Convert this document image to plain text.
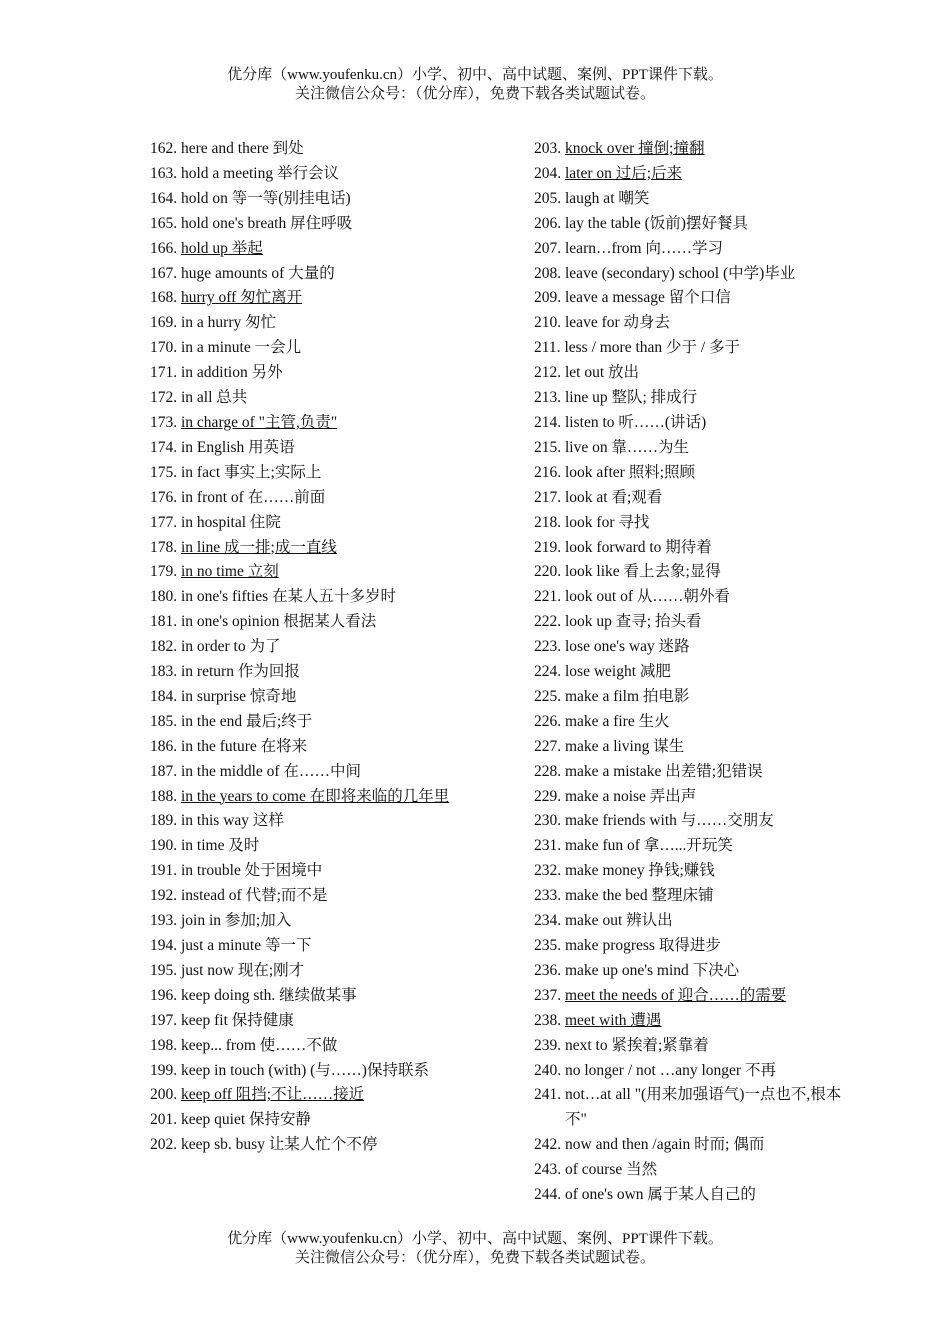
优分库（www.youfenku.cn）小学、初中、高中试题、案例、PPT课件下载。
关注微信公众号：（优分库），免费下载各类试题试卷。
162. here and there 到处
163. hold a meeting 举行会议
164. hold on 等一等(别挂电话)
165. hold one's breath 屏住呼吸
166. hold up 举起
167. huge amounts of 大量的
168. hurry off 匆忙离开
169. in a hurry 匆忙
170. in a minute 一会儿
171. in addition 另外
172. in all 总共
173. in charge of "主管,负责"
174. in English 用英语
175. in fact 事实上;实际上
176. in front of 在……前面
177. in hospital 住院
178. in line 成一排;成一直线
179. in no time 立刻
180. in one's fifties 在某人五十多岁时
181. in one's opinion 根据某人看法
182. in order to 为了
183. in return 作为回报
184. in surprise 惊奇地
185. in the end 最后;终于
186. in the future 在将来
187. in the middle of 在……中间
188. in the years to come 在即将来临的几年里
189. in this way 这样
190. in time 及时
191. in trouble 处于困境中
192. instead of 代替;而不是
193. join in 参加;加入
194. just a minute 等一下
195. just now 现在;刚才
196. keep doing sth. 继续做某事
197. keep fit 保持健康
198. keep... from 使……不做
199. keep in touch (with) (与……)保持联系
200. keep off 阻挡;不让……接近
201. keep quiet 保持安静
202. keep sb. busy 让某人忙个不停
203. knock over 撞倒;撞翻
204. later on 过后;后来
205. laugh at 嘲笑
206. lay the table (饭前)摆好餐具
207. learn…from 向……学习
208. leave (secondary) school (中学)毕业
209. leave a message 留个口信
210. leave for 动身去
211. less / more than 少于 / 多于
212. let out 放出
213. line up 整队; 排成行
214. listen to 听……(讲话)
215. live on 靠……为生
216. look after 照料;照顾
217. look at 看;观看
218. look for 寻找
219. look forward to 期待着
220. look like 看上去象;显得
221. look out of 从……朝外看
222. look up 查寻; 抬头看
223. lose one's way 迷路
224. lose weight 减肥
225. make a film 拍电影
226. make a fire 生火
227. make a living 谋生
228. make a mistake 出差错;犯错误
229. make a noise 弄出声
230. make friends with 与……交朋友
231. make fun of 拿…...开玩笑
232. make money 挣钱;赚钱
233. make the bed 整理床铺
234. make out 辨认出
235. make progress 取得进步
236. make up one's mind 下决心
237. meet the needs of 迎合……的需要
238. meet with 遭遇
239. next to 紧挨着;紧靠着
240. no longer / not …any longer 不再
241. not…at all "(用来加强语气)一点也不,根本不"
242. now and then /again 时而; 偶而
243. of course 当然
244. of one's own 属于某人自己的
优分库（www.youfenku.cn）小学、初中、高中试题、案例、PPT课件下载。
关注微信公众号：（优分库），免费下载各类试题试卷。
